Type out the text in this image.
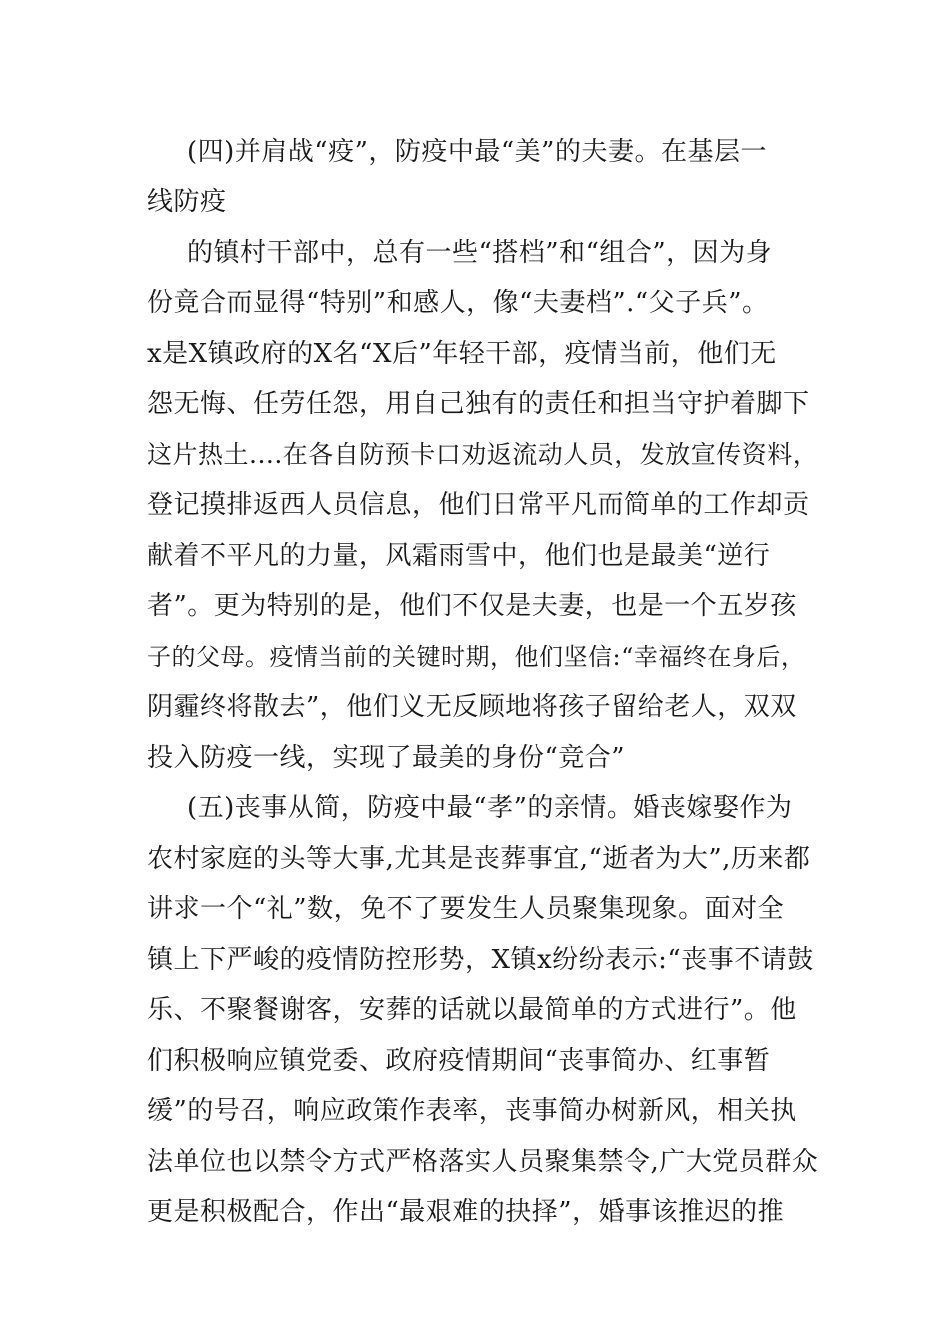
(四)并肩战“疫”，防疫中最“美”的夫妻。在基层一
线防疫
的镇村干部中，总有一些“搭档”和“组合”，因为身
份竟合而显得“特别”和感人，像“夫妻档”.“父子兵”。
x是X镇政府的X名“X后”年轻干部，疫情当前，他们无
怨无悔、任劳任怨，用自己独有的责任和担当守护着脚下
这片热土....在各自防预卡口劝返流动人员，发放宣传资料，
登记摸排返西人员信息，他们日常平凡而简单的工作却贡
献着不平凡的力量，风霜雨雪中，他们也是最美“逆行
者”。更为特别的是，他们不仅是夫妻，也是一个五岁孩
子的父母。疫情当前的关键时期，他们坚信:“幸福终在身后，
阴霾终将散去”，他们义无反顾地将孩子留给老人，双双
投入防疫一线，实现了最美的身份“竞合”
(五)丧事从简，防疫中最“孝”的亲情。婚丧嫁娶作为
农村家庭的头等大事,尤其是丧葬事宜,“逝者为大”,历来都
讲求一个“礼”数，免不了要发生人员聚集现象。面对全
镇上下严峻的疫情防控形势，X镇x纷纷表示:“丧事不请鼓
乐、不聚餐谢客，安葬的话就以最简单的方式进行”。他
们积极响应镇党委、政府疫情期间“丧事简办、红事暂
缓”的号召，响应政策作表率，丧事简办树新风，相关执
法单位也以禁令方式严格落实人员聚集禁令,广大党员群众
更是积极配合，作出“最艰难的抉择”，婚事该推迟的推
